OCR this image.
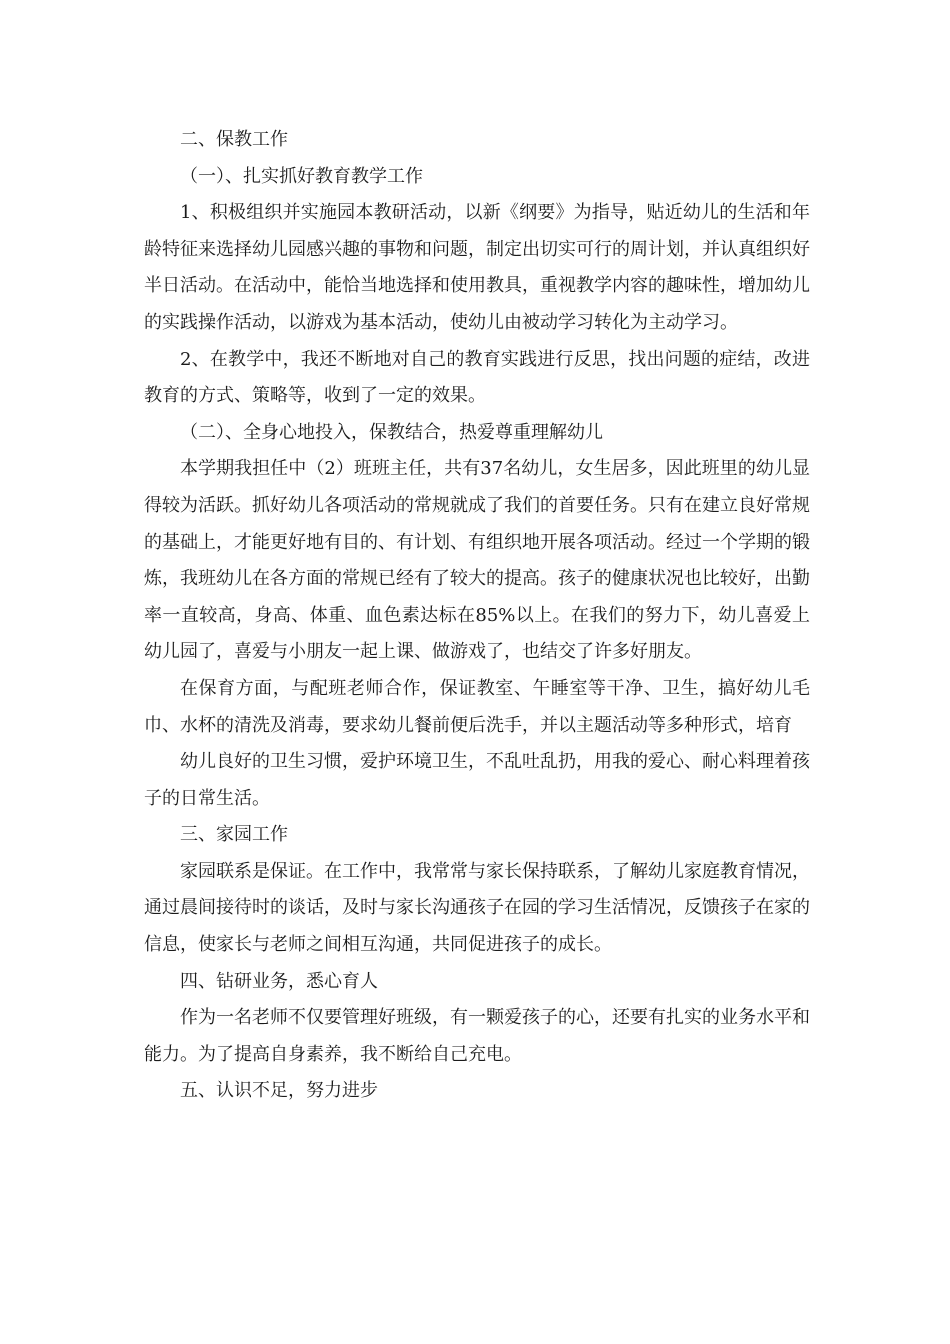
二、保教工作

（一）、扎实抓好教育教学工作

1、积极组织并实施园本教研活动，以新《纲要》为指导，贴近幼儿的生活和年龄特征来选择幼儿园感兴趣的事物和问题，制定出切实可行的周计划，并认真组织好半日活动。在活动中，能恰当地选择和使用教具，重视教学内容的趣味性，增加幼儿的实践操作活动，以游戏为基本活动，使幼儿由被动学习转化为主动学习。

2、在教学中，我还不断地对自己的教育实践进行反思，找出问题的症结，改进教育的方式、策略等，收到了一定的效果。

（二）、全身心地投入，保教结合，热爱尊重理解幼儿

本学期我担任中（2）班班主任，共有37名幼儿，女生居多，因此班里的幼儿显得较为活跃。抓好幼儿各项活动的常规就成了我们的首要任务。只有在建立良好常规的基础上，才能更好地有目的、有计划、有组织地开展各项活动。经过一个学期的锻炼，我班幼儿在各方面的常规已经有了较大的提高。孩子的健康状况也比较好，出勤率一直较高，身高、体重、血色素达标在85%以上。在我们的努力下，幼儿喜爱上幼儿园了，喜爱与小朋友一起上课、做游戏了，也结交了许多好朋友。

在保育方面，与配班老师合作，保证教室、午睡室等干净、卫生，搞好幼儿毛巾、水杯的清洗及消毒，要求幼儿餐前便后洗手，并以主题活动等多种形式，培育

幼儿良好的卫生习惯，爱护环境卫生，不乱吐乱扔，用我的爱心、耐心料理着孩子的日常生活。

三、家园工作

家园联系是保证。在工作中，我常常与家长保持联系，了解幼儿家庭教育情况，通过晨间接待时的谈话，及时与家长沟通孩子在园的学习生活情况，反馈孩子在家的信息，使家长与老师之间相互沟通，共同促进孩子的成长。

四、钻研业务，悉心育人

作为一名老师不仅要管理好班级，有一颗爱孩子的心，还要有扎实的业务水平和能力。为了提高自身素养，我不断给自己充电。

五、认识不足，努力进步
